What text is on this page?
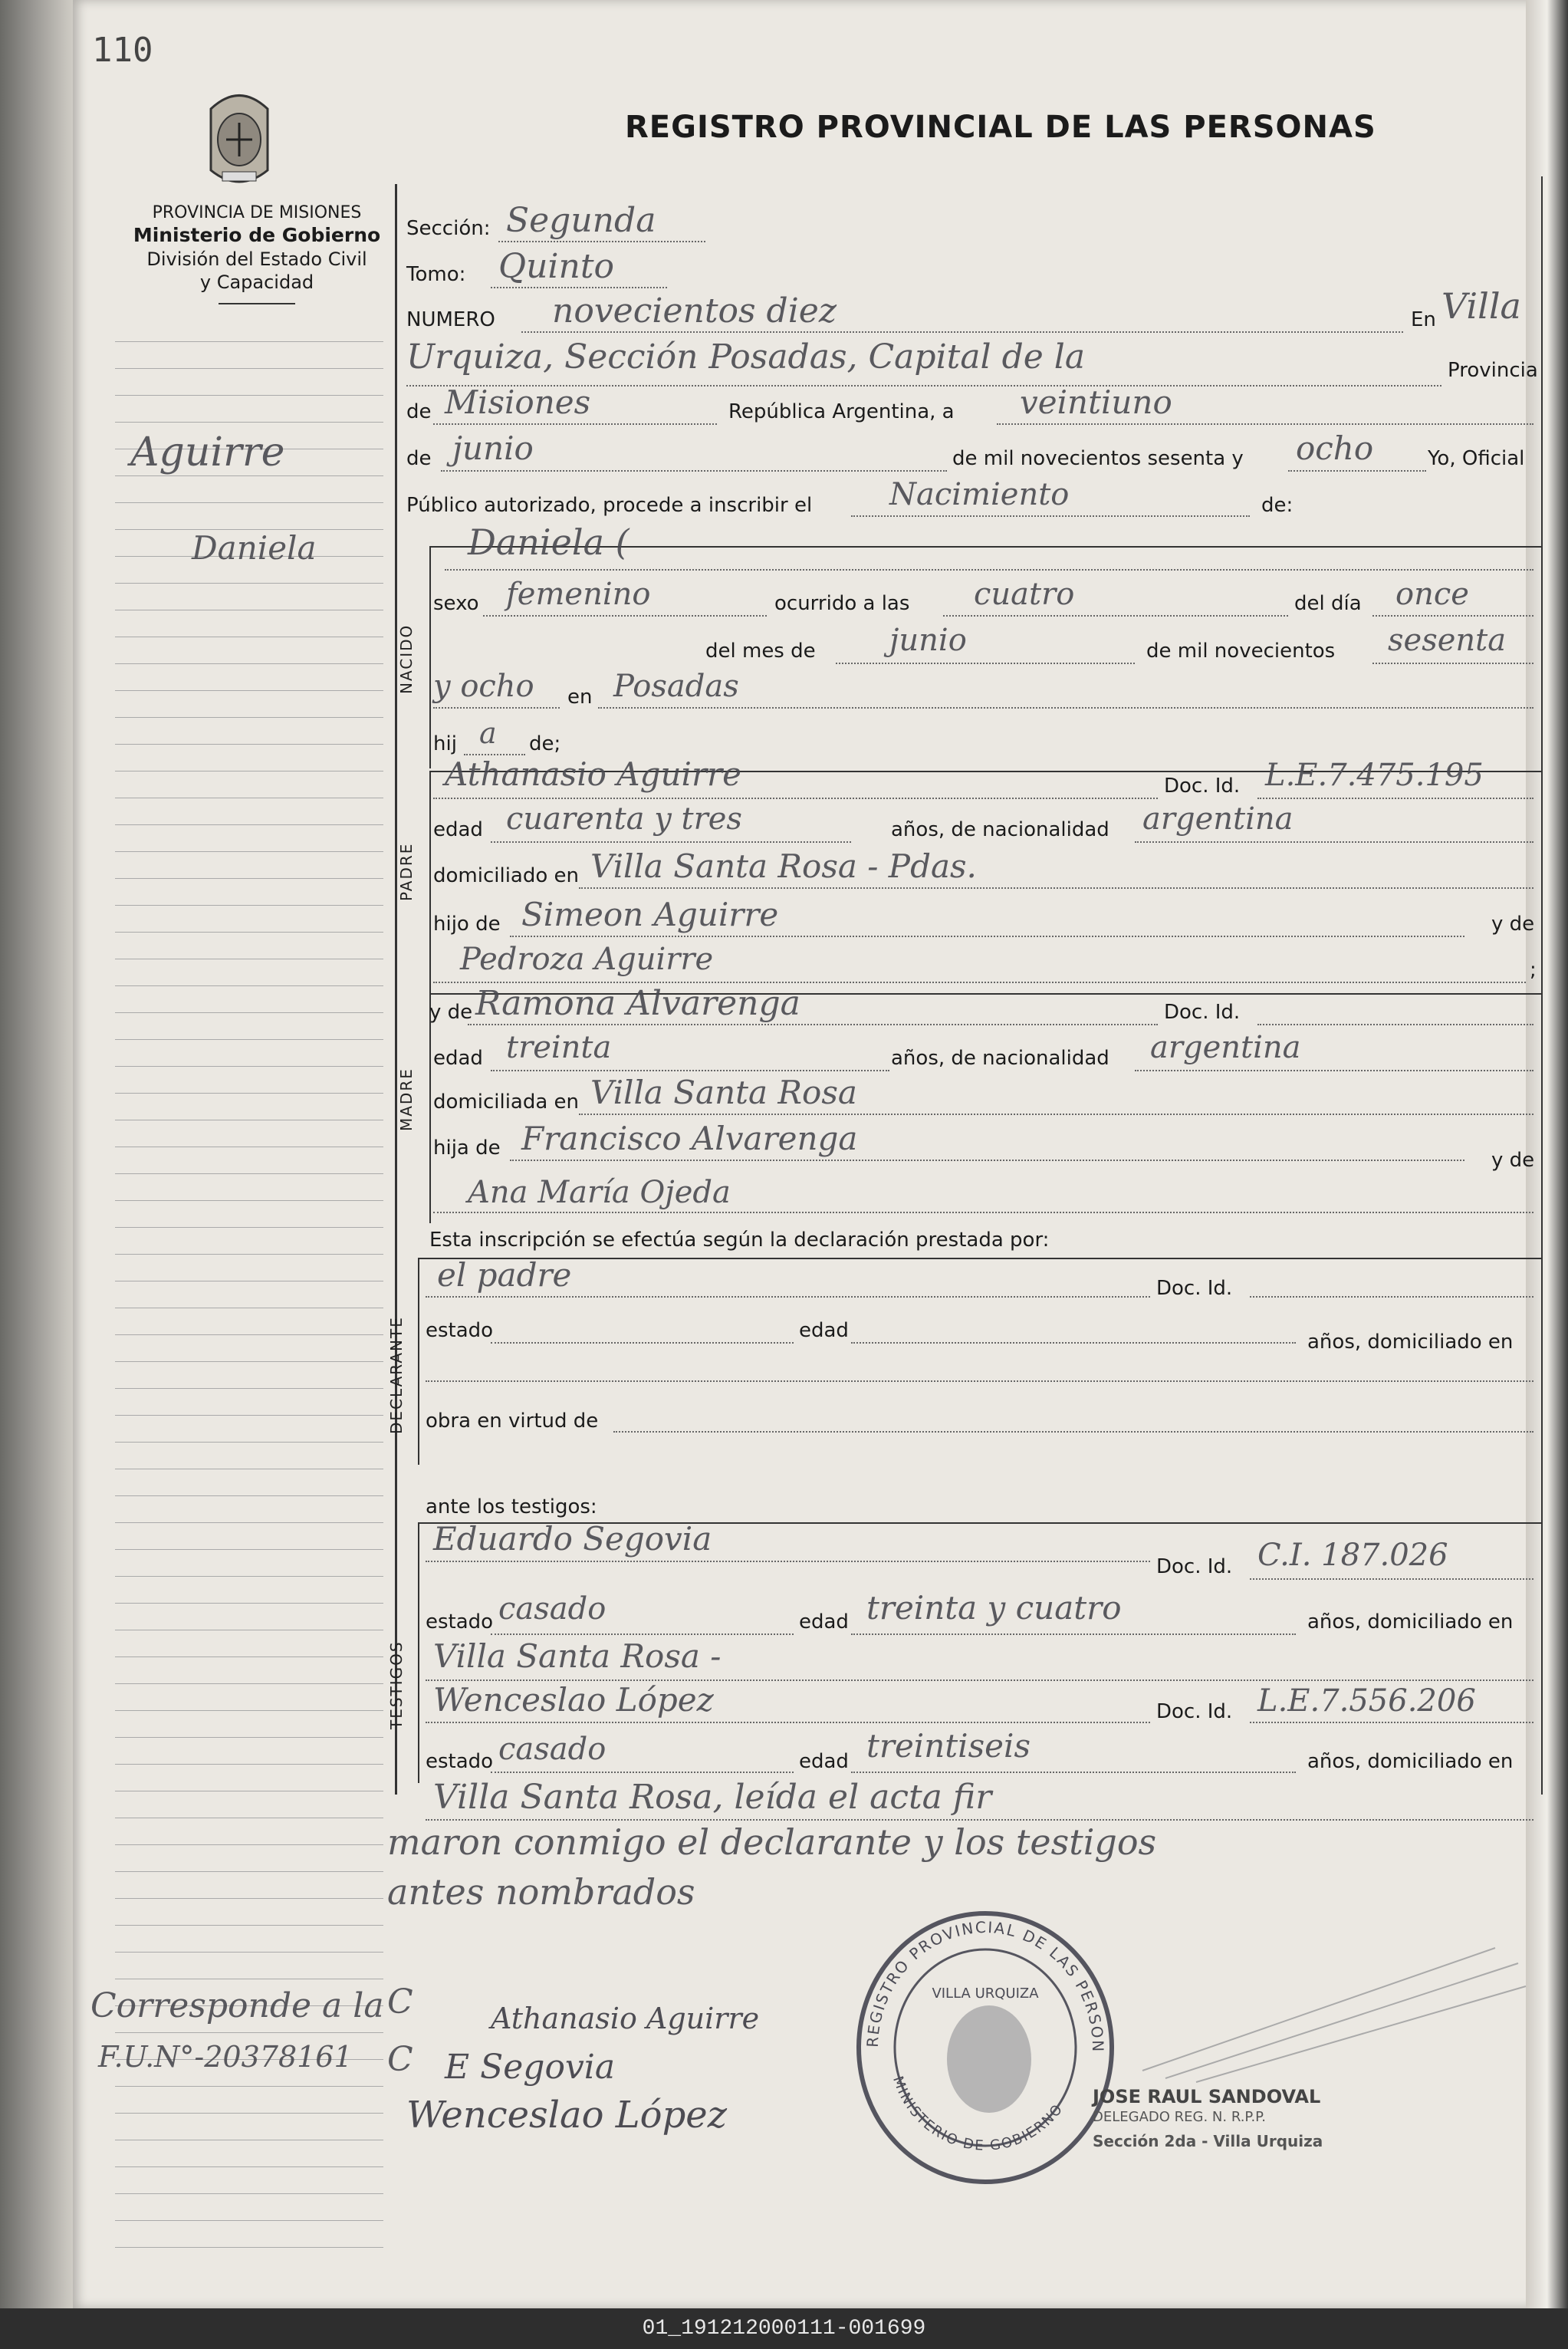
110
REGISTRO PROVINCIAL DE LAS PERSONAS
PROVINCIA DE MISIONES
Ministerio de Gobierno
División del Estado Civil
y Capacidad
Aguirre
Daniela
Corresponde a la
F.U.N°-20378161
C
C
Sección: Segunda
Tomo: Quinto
NUMERO novecientos diez	En Villa
Urquiza, Sección Posadas, Capital de la	Provincia
de Misiones	República Argentina, a veintiuno
de junio	de mil novecientos sesenta y ocho	Yo, Oficial
Público autorizado, procede a inscribir el	Nacimiento	de:
NACIDO
Daniela (
sexo femenino	ocurrido a las cuatro	del día once
del mes de junio	de mil novecientos sesenta
y ocho en Posadas
hij a de;
PADRE
Athanasio Aguirre	Doc. Id. L.E.7.475.195
edad cuarenta y tres	años, de nacionalidad argentina
domiciliado en Villa Santa Rosa - Pdas.
hijo de Simeon Aguirre	y de
Pedroza Aguirre	;
MADRE
y de Ramona Alvarenga	Doc. Id.
edad treinta	años, de nacionalidad argentina
domiciliada en Villa Santa Rosa
hija de Francisco Alvarenga
y de
Ana María Ojeda
Esta inscripción se efectúa según la declaración prestada por:
DECLARANTE
el padre	Doc. Id.
estado	edad	años, domiciliado en
obra en virtud de
ante los testigos:
TESTIGOS
Eduardo Segovia
Doc. Id. C.I. 187.026
estado casado	edad treinta y cuatro	años, domiciliado en
Villa Santa Rosa -
Wenceslao López	Doc. Id. L.E.7.556.206
estado casado	edad treintiseis	años, domiciliado en
Villa Santa Rosa, leída el acta fir
maron conmigo el declarante y los testigos
antes nombrados
REGISTRO PROVINCIAL DE LAS PERSON
MINISTERIO DE GOBIERNO
VILLA URQUIZA
JOSE RAUL SANDOVAL
DELEGADO REG. N. R.P.P.
Sección 2da - Villa Urquiza
Athanasio Aguirre
E Segovia
Wenceslao López
01_191212000111-001699
